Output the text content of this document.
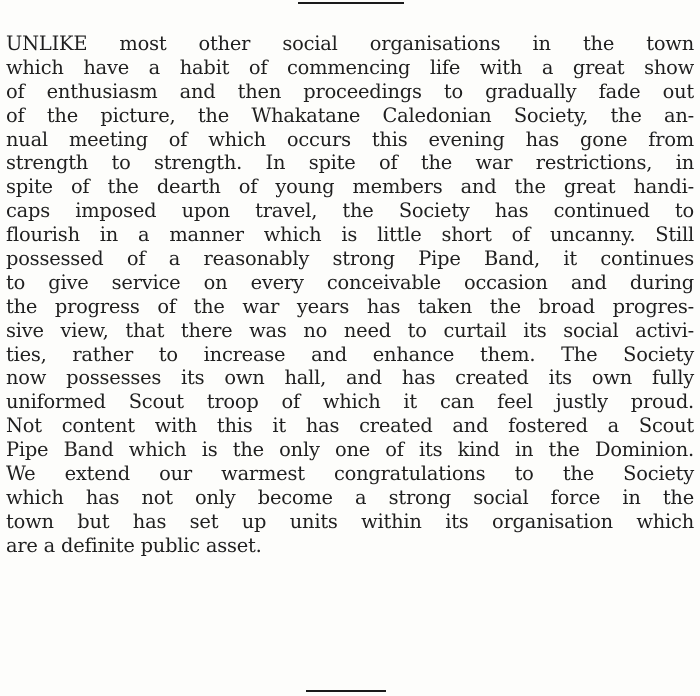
UNLIKE most other social organisations in the town
which have a habit of commencing life with a great show
of enthusiasm and then proceedings to gradually fade out
of the picture, the Whakatane Caledonian Society, the an-
nual meeting of which occurs this evening has gone from
strength to strength. In spite of the war restrictions, in
spite of the dearth of young members and the great handi-
caps imposed upon travel, the Society has continued to
flourish in a manner which is little short of uncanny. Still
possessed of a reasonably strong Pipe Band, it continues
to give service on every conceivable occasion and during
the progress of the war years has taken the broad progres-
sive view, that there was no need to curtail its social activi-
ties, rather to increase and enhance them. The Society
now possesses its own hall, and has created its own fully
uniformed Scout troop of which it can feel justly proud.
Not content with this it has created and fostered a Scout
Pipe Band which is the only one of its kind in the Dominion.
We extend our warmest congratulations to the Society
which has not only become a strong social force in the
town but has set up units within its organisation which
are a definite public asset.
